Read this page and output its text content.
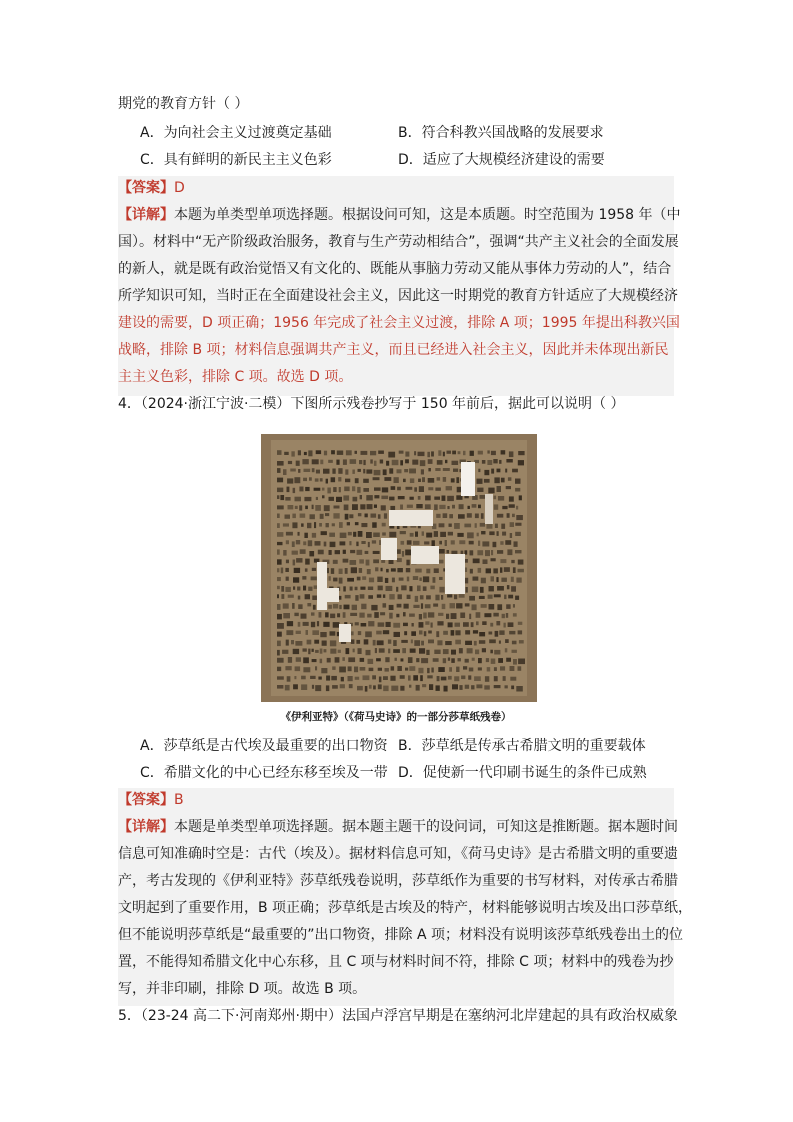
期党的教育方针（ ）
A．为向社会主义过渡奠定基础	B．符合科教兴国战略的发展要求
C．具有鲜明的新民主主义色彩	D．适应了大规模经济建设的需要
【答案】D
【详解】本题为单类型单项选择题。根据设问可知，这是本质题。时空范围为 1958 年（中
国）。材料中“无产阶级政治服务，教育与生产劳动相结合”，强调“共产主义社会的全面发展
的新人，就是既有政治觉悟又有文化的、既能从事脑力劳动又能从事体力劳动的人”，结合
所学知识可知，当时正在全面建设社会主义，因此这一时期党的教育方针适应了大规模经济
建设的需要，D 项正确；1956 年完成了社会主义过渡，排除 A 项；1995 年提出科教兴国
战略，排除 B 项；材料信息强调共产主义，而且已经进入社会主义，因此并未体现出新民
主主义色彩，排除 C 项。故选 D 项。
4．（2024·浙江宁波·二模）下图所示残卷抄写于 150 年前后，据此可以说明（ ）
《伊利亚特》（《荷马史诗》的一部分莎草纸残卷）
A．莎草纸是古代埃及最重要的出口物资 B．莎草纸是传承古希腊文明的重要载体
C．希腊文化的中心已经东移至埃及一带 D．促使新一代印刷书诞生的条件已成熟
【答案】B
【详解】本题是单类型单项选择题。据本题主题干的设问词，可知这是推断题。据本题时间
信息可知准确时空是：古代（埃及）。据材料信息可知，《荷马史诗》是古希腊文明的重要遗
产，考古发现的《伊利亚特》莎草纸残卷说明，莎草纸作为重要的书写材料，对传承古希腊
文明起到了重要作用，B 项正确；莎草纸是古埃及的特产，材料能够说明古埃及出口莎草纸，
但不能说明莎草纸是“最重要的”出口物资，排除 A 项；材料没有说明该莎草纸残卷出土的位
置，不能得知希腊文化中心东移，且 C 项与材料时间不符，排除 C 项；材料中的残卷为抄
写，并非印刷，排除 D 项。故选 B 项。
5．（23-24 高二下·河南郑州·期中）法国卢浮宫早期是在塞纳河北岸建起的具有政治权威象
